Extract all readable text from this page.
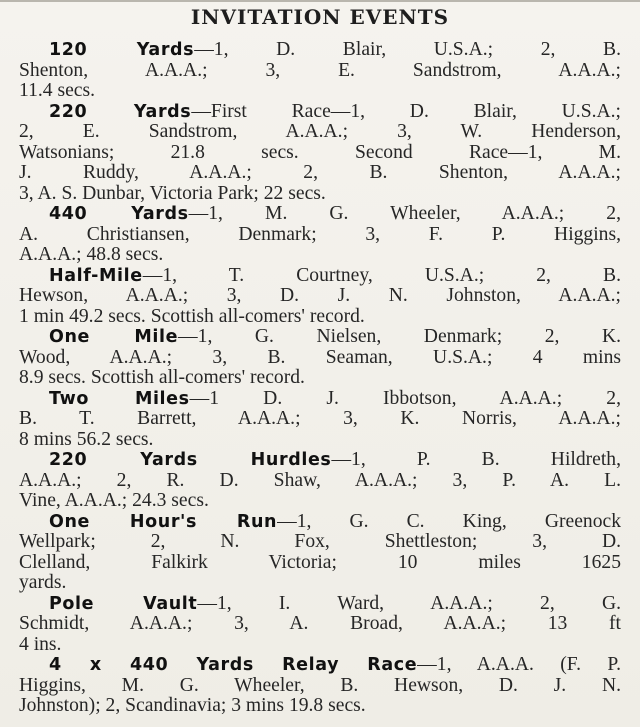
INVITATION EVENTS
120 Yards—1, D. Blair, U.S.A.; 2, B.
Shenton, A.A.A.; 3, E. Sandstrom, A.A.A.;
11.4 secs.
220 Yards—First Race—1, D. Blair, U.S.A.;
2, E. Sandstrom, A.A.A.; 3, W. Henderson,
Watsonians; 21.8 secs. Second Race—1, M.
J. Ruddy, A.A.A.; 2, B. Shenton, A.A.A.;
3, A. S. Dunbar, Victoria Park; 22 secs.
440 Yards—1, M. G. Wheeler, A.A.A.; 2,
A. Christiansen, Denmark; 3, F. P. Higgins,
A.A.A.; 48.8 secs.
Half-Mile—1, T. Courtney, U.S.A.; 2, B.
Hewson, A.A.A.; 3, D. J. N. Johnston, A.A.A.;
1 min 49.2 secs. Scottish all-comers' record.
One Mile—1, G. Nielsen, Denmark; 2, K.
Wood, A.A.A.; 3, B. Seaman, U.S.A.; 4 mins
8.9 secs. Scottish all-comers' record.
Two Miles—1 D. J. Ibbotson, A.A.A.; 2,
B. T. Barrett, A.A.A.; 3, K. Norris, A.A.A.;
8 mins 56.2 secs.
220 Yards Hurdles—1, P. B. Hildreth,
A.A.A.; 2, R. D. Shaw, A.A.A.; 3, P. A. L.
Vine, A.A.A.; 24.3 secs.
One Hour's Run—1, G. C. King, Greenock
Wellpark; 2, N. Fox, Shettleston; 3, D.
Clelland, Falkirk Victoria; 10 miles 1625
yards.
Pole Vault—1, I. Ward, A.A.A.; 2, G.
Schmidt, A.A.A.; 3, A. Broad, A.A.A.; 13 ft
4 ins.
4 x 440 Yards Relay Race—1, A.A.A. (F. P.
Higgins, M. G. Wheeler, B. Hewson, D. J. N.
Johnston); 2, Scandinavia; 3 mins 19.8 secs.
